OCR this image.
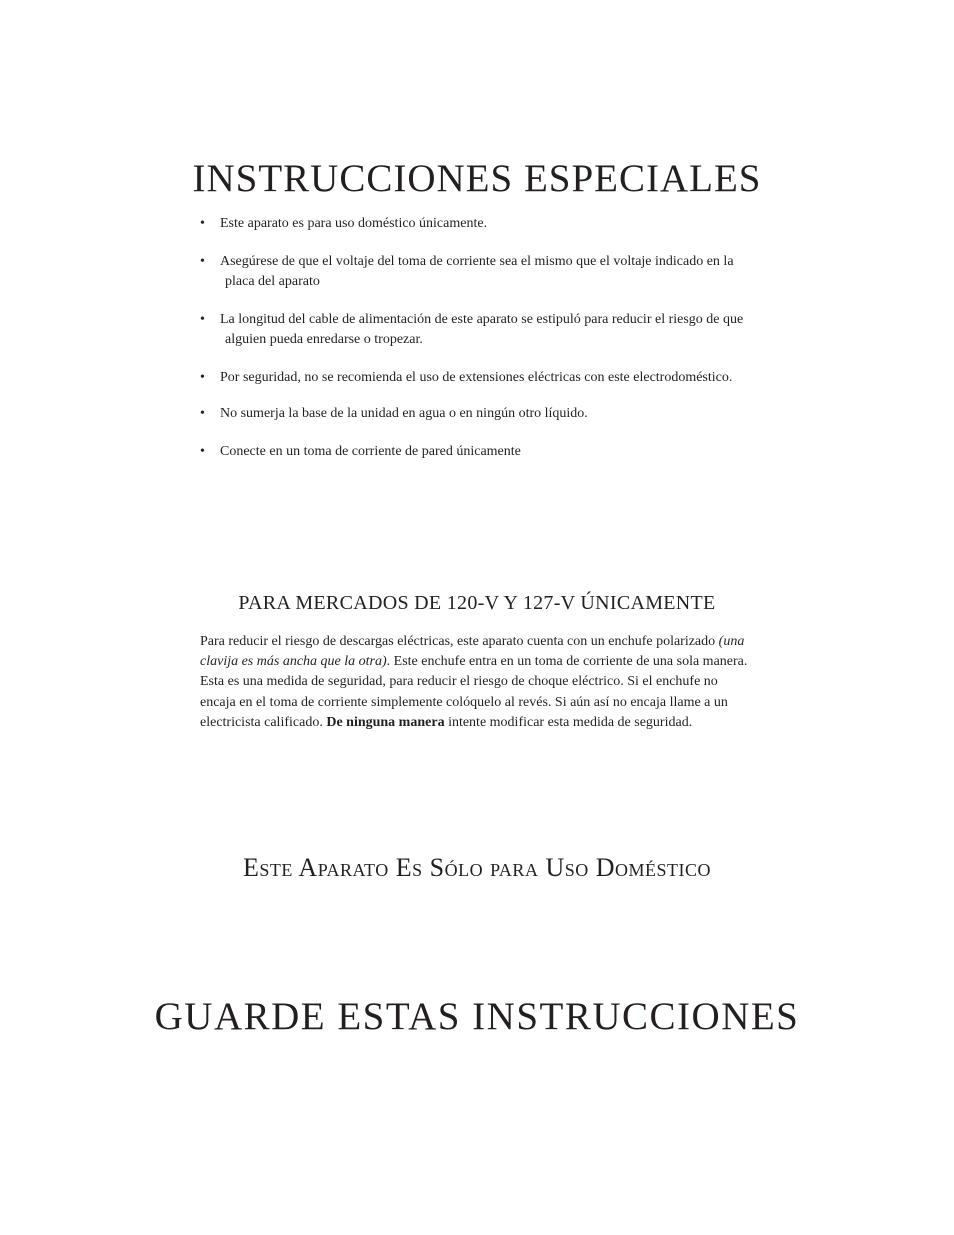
INSTRUCCIONES ESPECIALES
•	Este aparato es para uso doméstico únicamente.
•	Asegúrese de que el voltaje del toma de corriente sea el mismo que el voltaje indicado en la placa del aparato
•	La longitud del cable de alimentación de este aparato se estipuló para reducir el riesgo de que alguien pueda enredarse o tropezar.
•	Por seguridad, no se recomienda el uso de extensiones eléctricas con este electrodoméstico.
•	No sumerja la base de la unidad en agua o en ningún otro líquido.
•	Conecte en un toma de corriente de pared únicamente
PARA MERCADOS DE 120-V Y 127-V ÚNICAMENTE

Para reducir el riesgo de descargas eléctricas, este aparato cuenta con un enchufe polarizado (una clavija es más ancha que la otra). Este enchufe entra en un toma de corriente de una sola manera. Esta es una medida de seguridad, para reducir el riesgo de choque eléctrico. Si el enchufe no encaja en el toma de corriente simplemente colóquelo al revés. Si aún así no encaja llame a un electricista calificado. De ninguna manera intente modificar esta medida de seguridad.

Este Aparato Es Sólo para Uso Doméstico
GUARDE ESTAS INSTRUCCIONES
